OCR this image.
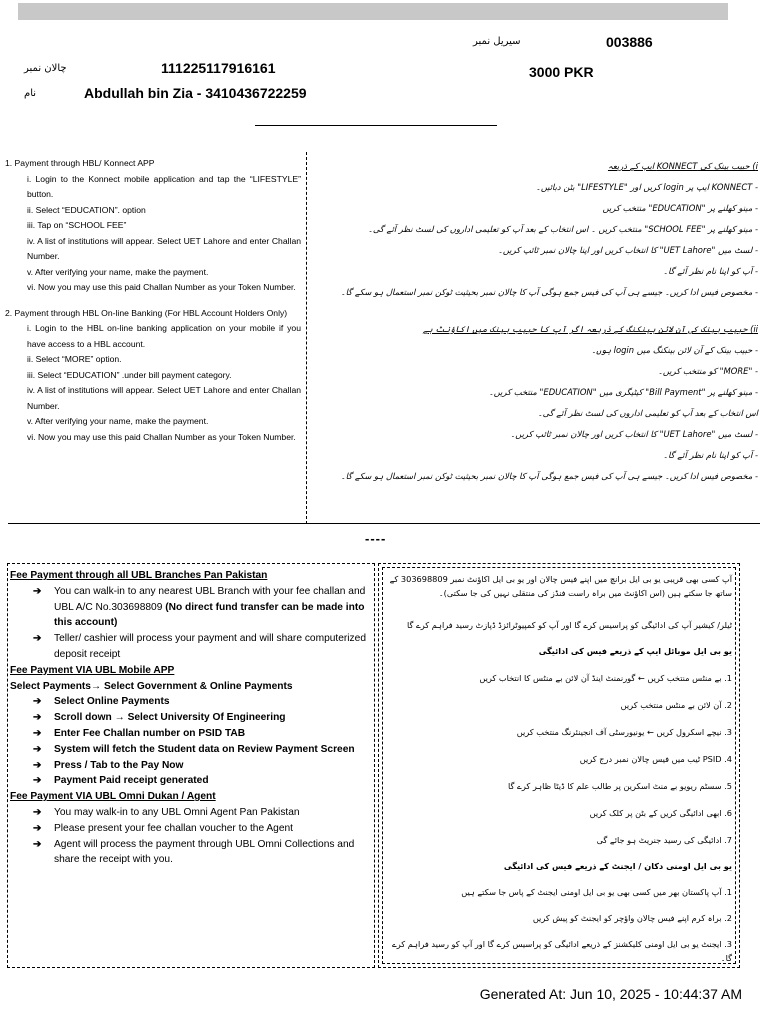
سیریل نمبر	003886
چالان نمبر	111225117916161	3000 PKR
نام	Abdullah bin Zia - 3410436722259

1. Payment through HBL/ Konnect APP

i. Login to the Konnect mobile application and tap the “LIFESTYLE” button.

ii. Select “EDUCATION”. option

iii. Tap on “SCHOOL FEE”

iv. A list of institutions will appear. Select UET Lahore and enter Challan Number.

v. After verifying your name, make the payment.

vi. Now you may use this paid Challan Number as your Token Number.

2. Payment through HBL On-line Banking (For HBL Account Holders Only)

i. Login to the HBL on-line banking application on your mobile if you have access to a HBL account.

ii. Select “MORE” option.

iii. Select “EDUCATION” .under bill payment category.

iv. A list of institutions will appear. Select UET Lahore and enter Challan Number.

v. After verifying your name, make the payment.

vi. Now you may use this paid Challan Number as your Token Number.

i) حبیب بینک کی KONNECT ایپ کے ذریعہ

- KONNECT ایپ پر login کریں اور "LIFESTYLE" بٹن دبائیں۔

- مینو کھلنے پر "EDUCATION" منتخب کریں

- مینو کھلنے پر "SCHOOL FEE" منتخب کریں ۔ اس انتخاب کے بعد آپ کو تعلیمی اداروں کی لسٹ نظر آئے گی۔

- لسٹ میں "UET Lahore" کا انتخاب کریں اور اپنا چالان نمبر ٹائپ کریں۔

- آپ کو اپنا نام نظر آئے گا۔

- مخصوص فیس ادا کریں۔ جیسے ہی آپ کی فیس جمع ہوگی آپ کا چالان نمبر بحیثیت ٹوکن نمبر استعمال ہو سکے گا۔

ii) حبیب بینک کی آن لائن بینکنگ کے ذریعہ اگر آپ کا حبیب بینک میں اکاؤنٹ ہے

- حبیب بینک کے آن لائن بینکنگ میں login ہوں۔

- "MORE" کو منتخب کریں۔

- مینو کھلنے پر "Bill Payment" کیٹیگری میں "EDUCATION" منتخب کریں۔

اس انتخاب کے بعد آپ کو تعلیمی اداروں کی لسٹ نظر آئے گی۔

- لسٹ میں "UET Lahore" کا انتخاب کریں اور چالان نمبر ٹائپ کریں۔

- آپ کو اپنا نام نظر آئے گا۔

- مخصوص فیس ادا کریں۔ جیسے ہی آپ کی فیس جمع ہوگی آپ کا چالان نمبر بحیثیت ٹوکن نمبر استعمال ہو سکے گا۔

----
Fee Payment through all UBL Branches Pan Pakistan
➔	You can walk-in to any nearest UBL Branch with your fee challan and UBL A/C No.303698809 (No direct fund transfer can be made into this account)
➔	Teller/ cashier will process your payment and will share computerized deposit receipt
Fee Payment VIA UBL Mobile APP
Select Payments→ Select Government & Online Payments
➔	Select Online Payments
➔	Scroll down → Select University Of Engineering
➔	Enter Fee Challan number on PSID TAB
➔	System will fetch the Student data on Review Payment Screen
➔	Press / Tab to the Pay Now
➔	Payment Paid receipt generated
Fee Payment VIA UBL Omni Dukan / Agent
➔	You may walk-in to any UBL Omni Agent Pan Pakistan
➔	Please present your fee challan voucher to the Agent
➔	Agent will process the payment through UBL Omni Collections and share the receipt with you.

آپ کسی بھی قریبی یو بی ایل برانچ میں اپنے فیس چالان اور یو بی ایل اکاؤنٹ نمبر 303698809 کے ساتھ جا سکتے ہیں (اس اکاؤنٹ میں براہ راست فنڈز کی منتقلی نہیں کی جا سکتی)۔

ٹیلر/ کیشیر آپ کی ادائیگی کو پراسیس کرے گا اور آپ کو کمپیوٹرائزڈ ڈپازٹ رسید فراہم کرے گا

یو بی ایل موبائل ایپ کے ذریعے فیس کی ادائیگی

1. بے منٹس منتخب کریں ← گورنمنٹ اینڈ آن لائن بے منٹس کا انتخاب کریں

2. آن لائن بے منٹس منتخب کریں

3. نیچے اسکرول کریں ← یونیورسٹی آف انجینئرنگ منتخب کریں

4. PSID ٹیب میں فیس چالان نمبر درج کریں

5. سسٹم ریویو بے منٹ اسکرین پر طالب علم کا ڈیٹا ظاہر کرے گا

6. ابھی ادائیگی کریں کے بٹن پر کلک کریں

7. ادائیگی کی رسید جنریٹ ہو جائے گی

یو بی ایل اومنی دکان / ایجنٹ کے ذریعے فیس کی ادائیگی

1. آپ پاکستان بھر میں کسی بھی یو بی ایل اومنی ایجنٹ کے پاس جا سکتے ہیں

2. براہ کرم اپنے فیس چالان واؤچر کو ایجنٹ کو پیش کریں

3. ایجنٹ یو بی ایل اومنی کلیکشنز کے ذریعے ادائیگی کو پراسیس کرے گا اور آپ کو رسید فراہم کرے گا۔

Generated At: Jun 10, 2025 - 10:44:37 AM
